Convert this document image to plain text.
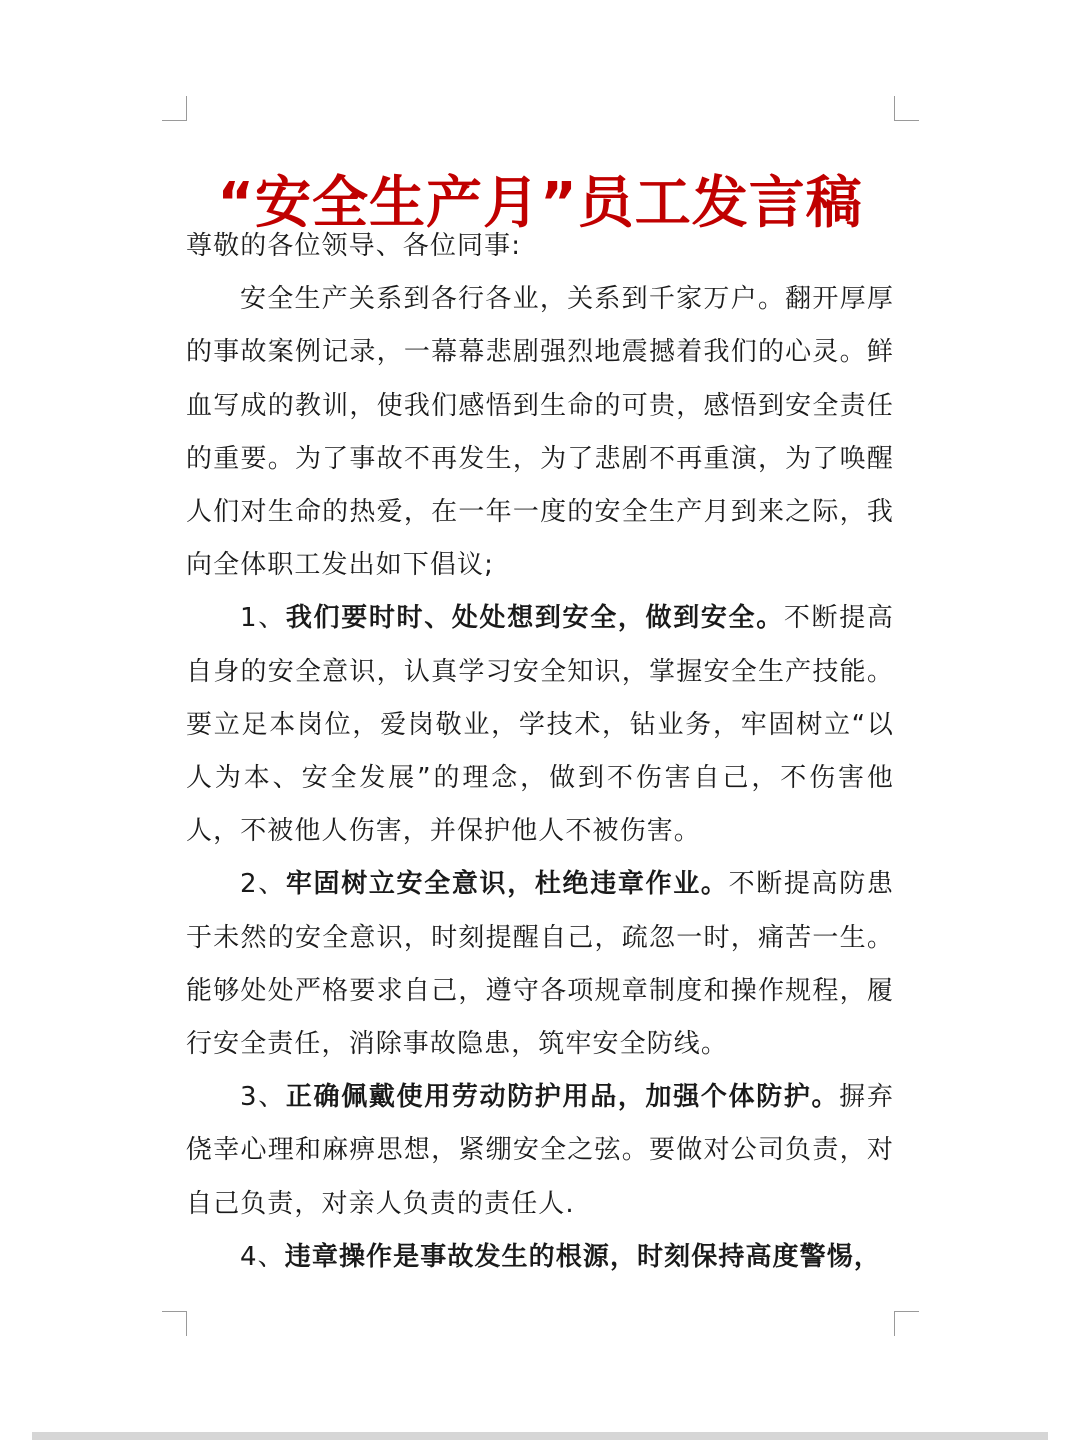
“安全生产月”员工发言稿

尊敬的各位领导、各位同事:

安全生产关系到各行各业，关系到千家万户。翻开厚厚的事故案例记录，一幕幕悲剧强烈地震撼着我们的心灵。鲜血写成的教训，使我们感悟到生命的可贵，感悟到安全责任的重要。为了事故不再发生，为了悲剧不再重演，为了唤醒人们对生命的热爱，在一年一度的安全生产月到来之际，我向全体职工发出如下倡议;

1、我们要时时、处处想到安全，做到安全。不断提高自身的安全意识，认真学习安全知识，掌握安全生产技能。要立足本岗位，爱岗敬业，学技术，钻业务，牢固树立“以人为本、安全发展”的理念，做到不伤害自己，不伤害他人，不被他人伤害，并保护他人不被伤害。

2、牢固树立安全意识，杜绝违章作业。不断提高防患于未然的安全意识，时刻提醒自己，疏忽一时，痛苦一生。能够处处严格要求自己，遵守各项规章制度和操作规程，履行安全责任，消除事故隐患，筑牢安全防线。

3、正确佩戴使用劳动防护用品，加强个体防护。摒弃侥幸心理和麻痹思想，紧绷安全之弦。要做对公司负责，对自己负责，对亲人负责的责任人.

4、违章操作是事故发生的根源，时刻保持高度警惕，
